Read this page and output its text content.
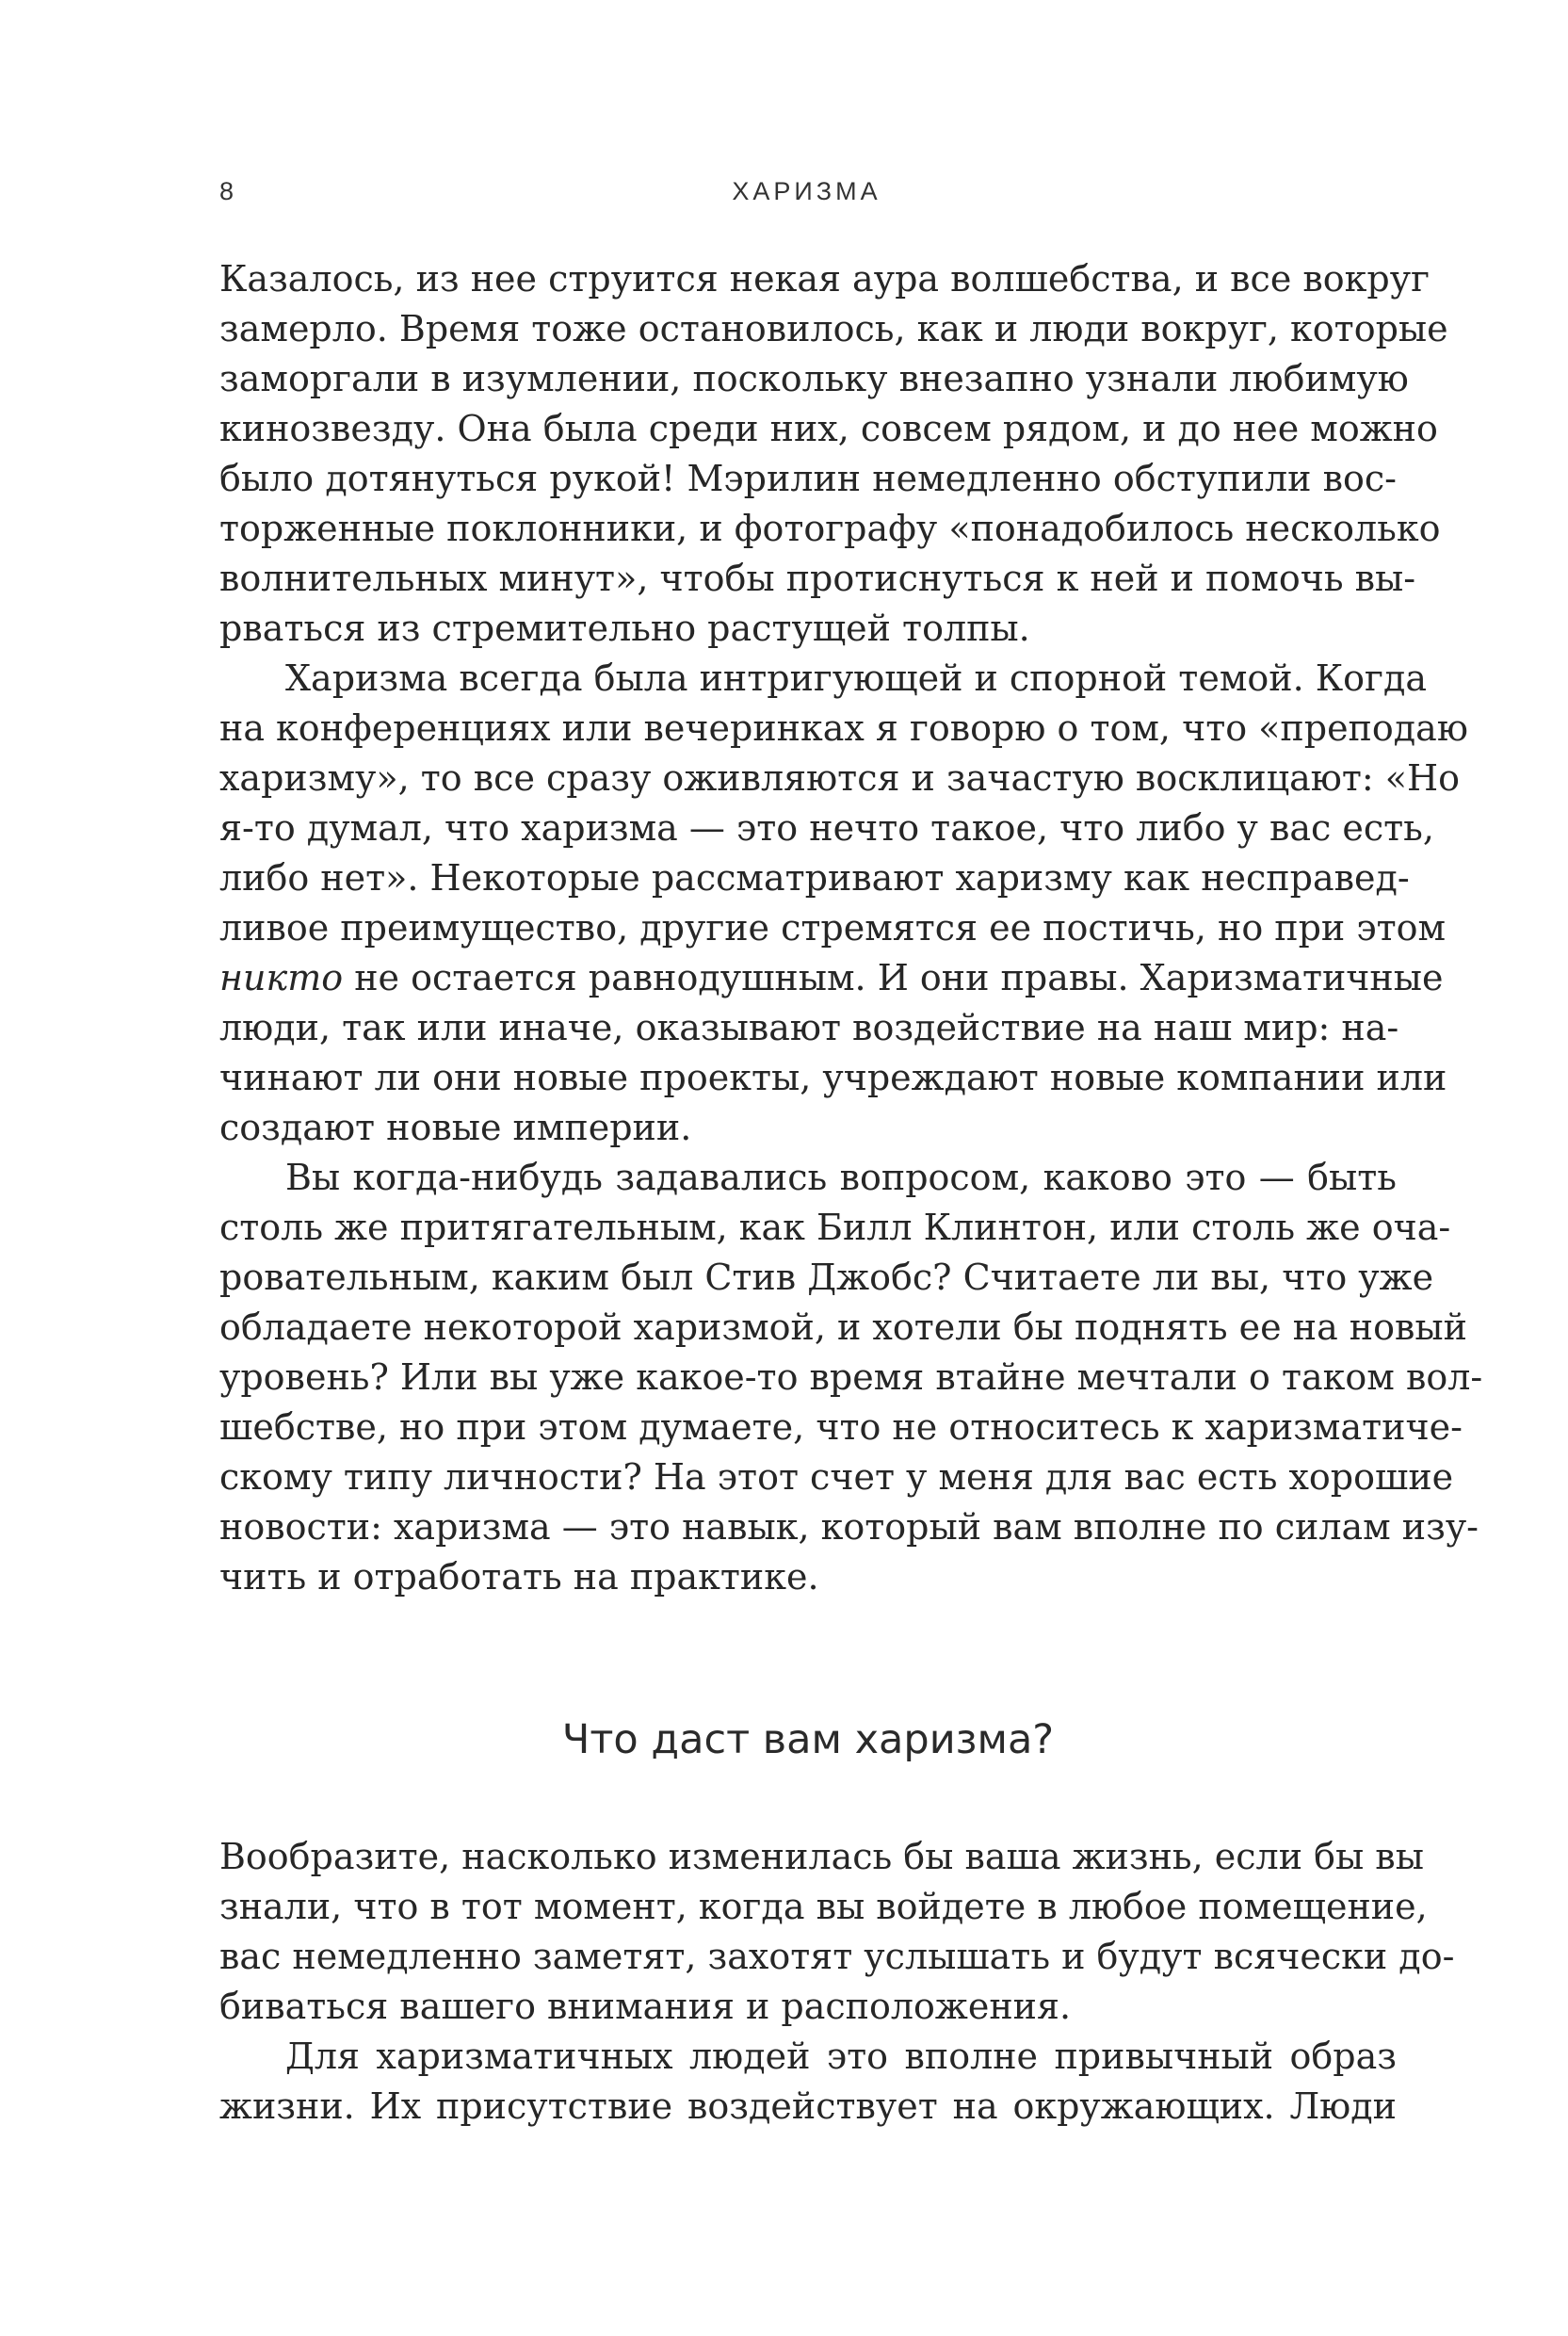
8	ХАРИЗМА
Казалось, из нее струится некая аура волшебства, и все вокруг
замерло. Время тоже остановилось, как и люди вокруг, которые
заморгали в изумлении, поскольку внезапно узнали любимую
кинозвезду. Она была среди них, совсем рядом, и до нее можно
было дотянуться рукой! Мэрилин немедленно обступили вос-
торженные поклонники, и фотографу «понадобилось несколько
волнительных минут», чтобы протиснуться к ней и помочь вы-
рваться из стремительно растущей толпы.
Харизма всегда была интригующей и спорной темой. Когда
на конференциях или вечеринках я говорю о том, что «преподаю
харизму», то все сразу оживляются и зачастую восклицают: «Но
я-то думал, что харизма — это нечто такое, что либо у вас есть,
либо нет». Некоторые рассматривают харизму как несправед-
ливое преимущество, другие стремятся ее постичь, но при этом
никто не остается равнодушным. И они правы. Харизматичные
люди, так или иначе, оказывают воздействие на наш мир: на-
чинают ли они новые проекты, учреждают новые компании или
создают новые империи.
Вы когда-нибудь задавались вопросом, каково это — быть
столь же притягательным, как Билл Клинтон, или столь же оча-
ровательным, каким был Стив Джобс? Считаете ли вы, что уже
обладаете некоторой харизмой, и хотели бы поднять ее на новый
уровень? Или вы уже какое-то время втайне мечтали о таком вол-
шебстве, но при этом думаете, что не относитесь к харизматиче-
скому типу личности? На этот счет у меня для вас есть хорошие
новости: харизма — это навык, который вам вполне по силам изу-
чить и отработать на практике.
Что даст вам харизма?
Вообразите, насколько изменилась бы ваша жизнь, если бы вы
знали, что в тот момент, когда вы войдете в любое помещение,
вас немедленно заметят, захотят услышать и будут всячески до-
биваться вашего внимания и расположения.
Для харизматичных людей это вполне привычный образ
жизни. Их присутствие воздействует на окружающих. Люди
